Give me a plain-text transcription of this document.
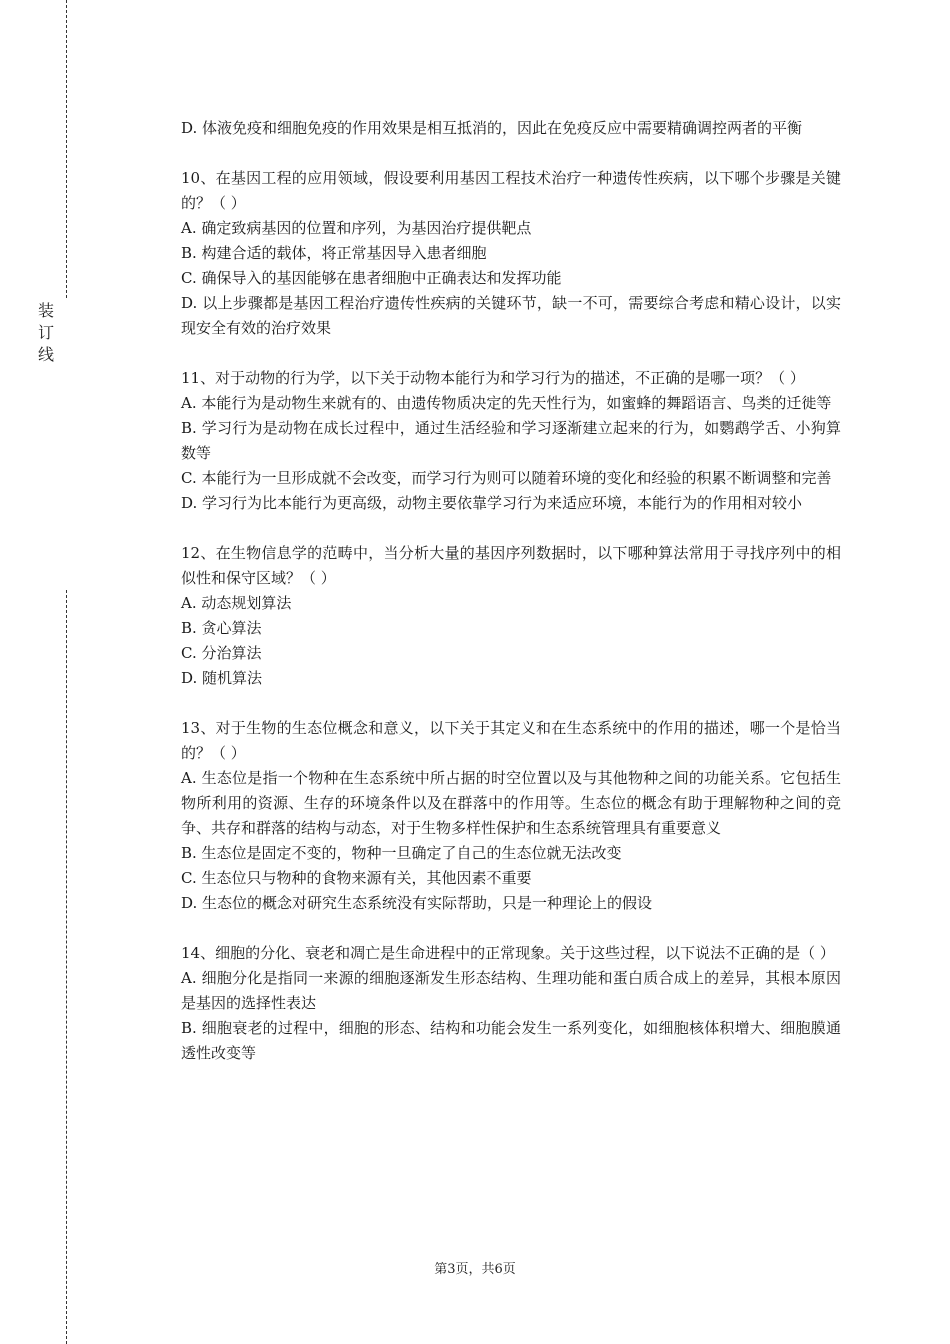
装
订
线

D. 体液免疫和细胞免疫的作用效果是相互抵消的，因此在免疫反应中需要精确调控两者的平衡

10、在基因工程的应用领域，假设要利用基因工程技术治疗一种遗传性疾病，以下哪个步骤是关键的？（ ）

A. 确定致病基因的位置和序列，为基因治疗提供靶点

B. 构建合适的载体，将正常基因导入患者细胞

C. 确保导入的基因能够在患者细胞中正确表达和发挥功能

D. 以上步骤都是基因工程治疗遗传性疾病的关键环节，缺一不可，需要综合考虑和精心设计，以实现安全有效的治疗效果

11、对于动物的行为学，以下关于动物本能行为和学习行为的描述，不正确的是哪一项？（ ）

A. 本能行为是动物生来就有的、由遗传物质决定的先天性行为，如蜜蜂的舞蹈语言、鸟类的迁徙等

B. 学习行为是动物在成长过程中，通过生活经验和学习逐渐建立起来的行为，如鹦鹉学舌、小狗算数等

C. 本能行为一旦形成就不会改变，而学习行为则可以随着环境的变化和经验的积累不断调整和完善

D. 学习行为比本能行为更高级，动物主要依靠学习行为来适应环境，本能行为的作用相对较小

12、在生物信息学的范畴中，当分析大量的基因序列数据时，以下哪种算法常用于寻找序列中的相似性和保守区域？（ ）

A. 动态规划算法

B. 贪心算法

C. 分治算法

D. 随机算法

13、对于生物的生态位概念和意义，以下关于其定义和在生态系统中的作用的描述，哪一个是恰当的？（ ）

A. 生态位是指一个物种在生态系统中所占据的时空位置以及与其他物种之间的功能关系。它包括生物所利用的资源、生存的环境条件以及在群落中的作用等。生态位的概念有助于理解物种之间的竞争、共存和群落的结构与动态，对于生物多样性保护和生态系统管理具有重要意义

B. 生态位是固定不变的，物种一旦确定了自己的生态位就无法改变

C. 生态位只与物种的食物来源有关，其他因素不重要

D. 生态位的概念对研究生态系统没有实际帮助，只是一种理论上的假设

14、细胞的分化、衰老和凋亡是生命进程中的正常现象。关于这些过程，以下说法不正确的是（ ）

A. 细胞分化是指同一来源的细胞逐渐发生形态结构、生理功能和蛋白质合成上的差异，其根本原因是基因的选择性表达

B. 细胞衰老的过程中，细胞的形态、结构和功能会发生一系列变化，如细胞核体积增大、细胞膜通透性改变等

第3页，共6页
